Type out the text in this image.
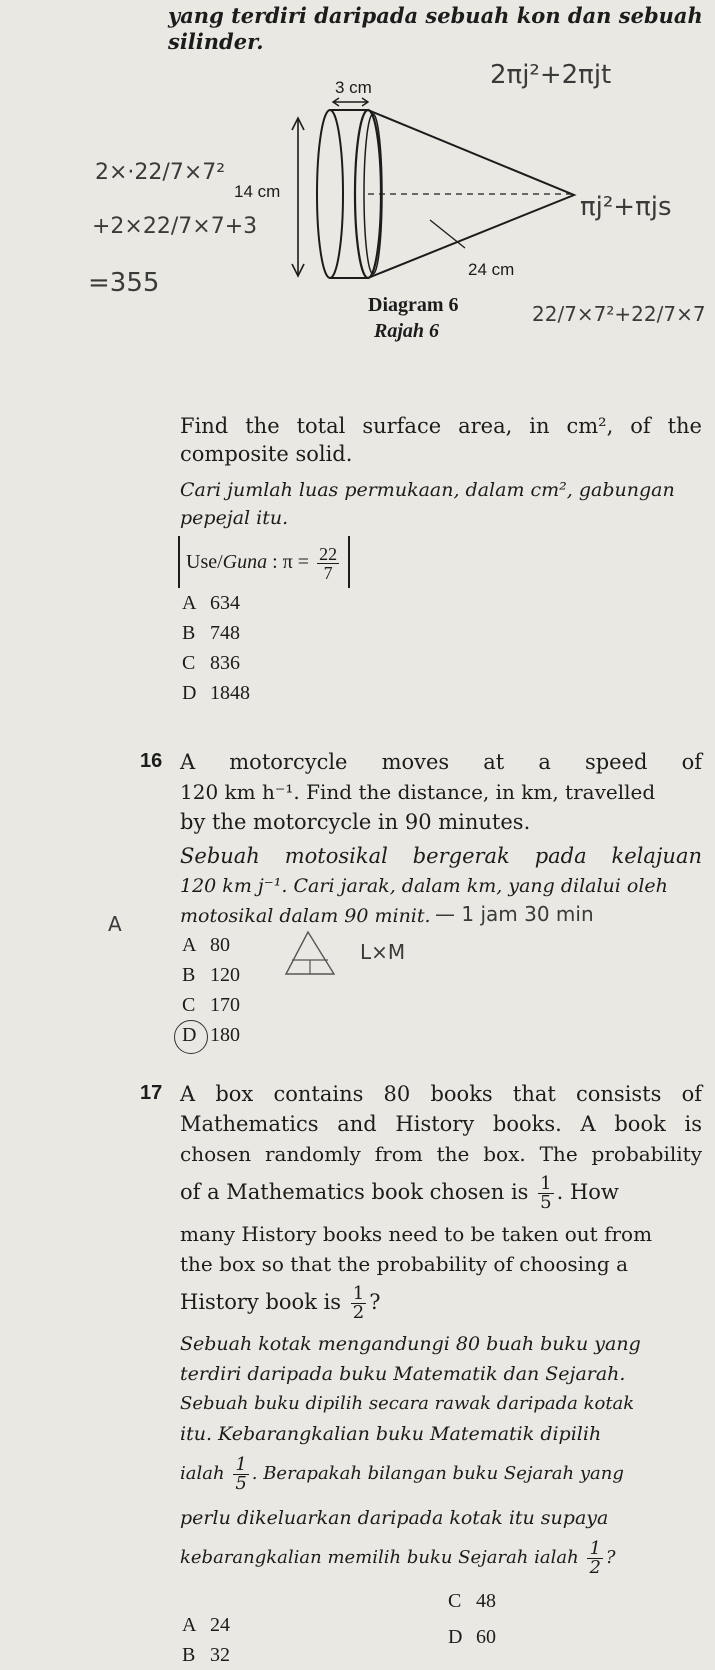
yang terdiri daripada sebuah kon dan sebuah
silinder.
3 cm
14 cm
24 cm
Diagram 6
Rajah 6
2πj²+2πjt
2×·22/7×7²
+2×22/7×7+3
=355
πj²+πjs
22/7×7²+22/7×7
Find the total surface area, in cm², of the
composite solid.
Cari jumlah luas permukaan, dalam cm², gabungan
pepejal itu.
Use/Guna : $\pi = \frac{22}{7}$
A 634
B 748
C 836
D 1848
16 A motorcycle moves at a speed of
120 km h⁻¹. Find the distance, in km, travelled
by the motorcycle in 90 minutes.
Sebuah motosikal bergerak pada kelajuan
120 km j⁻¹. Cari jarak, dalam km, yang dilalui oleh
motosikal dalam 90 minit. — 1 jam 30 min
L×M
A
A 80
B 120
C 170
D 180
17 A box contains 80 books that consists of
Mathematics and History books. A book is
chosen randomly from the box. The probability
of a Mathematics book chosen is $\frac{1}{5}$ . How
many History books need to be taken out from
the box so that the probability of choosing a
History book is $\frac{1}{2}$ ?
Sebuah kotak mengandungi 80 buah buku yang
terdiri daripada buku Matematik dan Sejarah.
Sebuah buku dipilih secara rawak daripada kotak
itu. Kebarangkalian buku Matematik dipilih
ialah $\frac{1}{5}$ . Berapakah bilangan buku Sejarah yang
perlu dikeluarkan daripada kotak itu supaya
kebarangkalian memilih buku Sejarah ialah $\frac{1}{2}$ ?
A 24
B 32
C 48
D 60
